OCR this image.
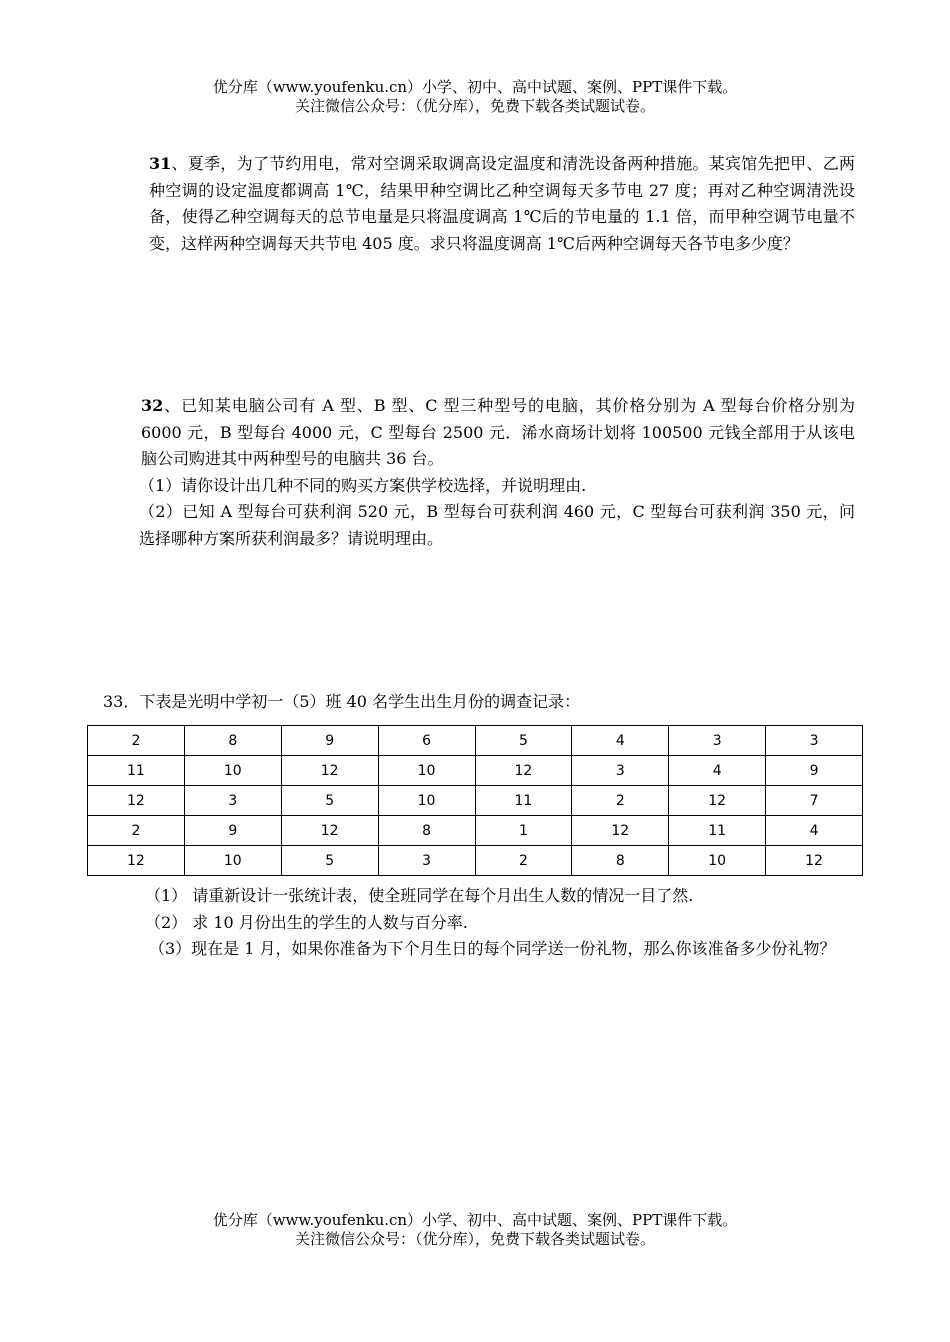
优分库（www.youfenku.cn）小学、初中、高中试题、案例、PPT课件下载。
关注微信公众号：（优分库），免费下载各类试题试卷。

31、夏季，为了节约用电，常对空调采取调高设定温度和清洗设备两种措施。某宾馆先把甲、乙两种空调的设定温度都调高 1℃，结果甲种空调比乙种空调每天多节电 27 度；再对乙种空调清洗设备，使得乙种空调每天的总节电量是只将温度调高 1℃后的节电量的 1.1 倍，而甲种空调节电量不变，这样两种空调每天共节电 405 度。求只将温度调高 1℃后两种空调每天各节电多少度？

32、已知某电脑公司有 A 型、B 型、C 型三种型号的电脑，其价格分别为 A 型每台价格分别为 6000 元，B 型每台 4000 元，C 型每台 2500 元．浠水商场计划将 100500 元钱全部用于从该电脑公司购进其中两种型号的电脑共 36 台。

（1）请你设计出几种不同的购买方案供学校选择，并说明理由.

（2）已知 A 型每台可获利润 520 元，B 型每台可获利润 460 元，C 型每台可获利润 350 元，问选择哪种方案所获利润最多？请说明理由。

33．下表是光明中学初一（5）班 40 名学生出生月份的调查记录：

2	8	9	6	5	4	3	3
11	10	12	10	12	3	4	9
12	3	5	10	11	2	12	7
2	9	12	8	1	12	11	4
12	10	5	3	2	8	10	12

（1） 请重新设计一张统计表，使全班同学在每个月出生人数的情况一目了然.

（2） 求 10 月份出生的学生的人数与百分率.

（3）现在是 1 月，如果你准备为下个月生日的每个同学送一份礼物，那么你该准备多少份礼物？

优分库（www.youfenku.cn）小学、初中、高中试题、案例、PPT课件下载。
关注微信公众号：（优分库），免费下载各类试题试卷。
